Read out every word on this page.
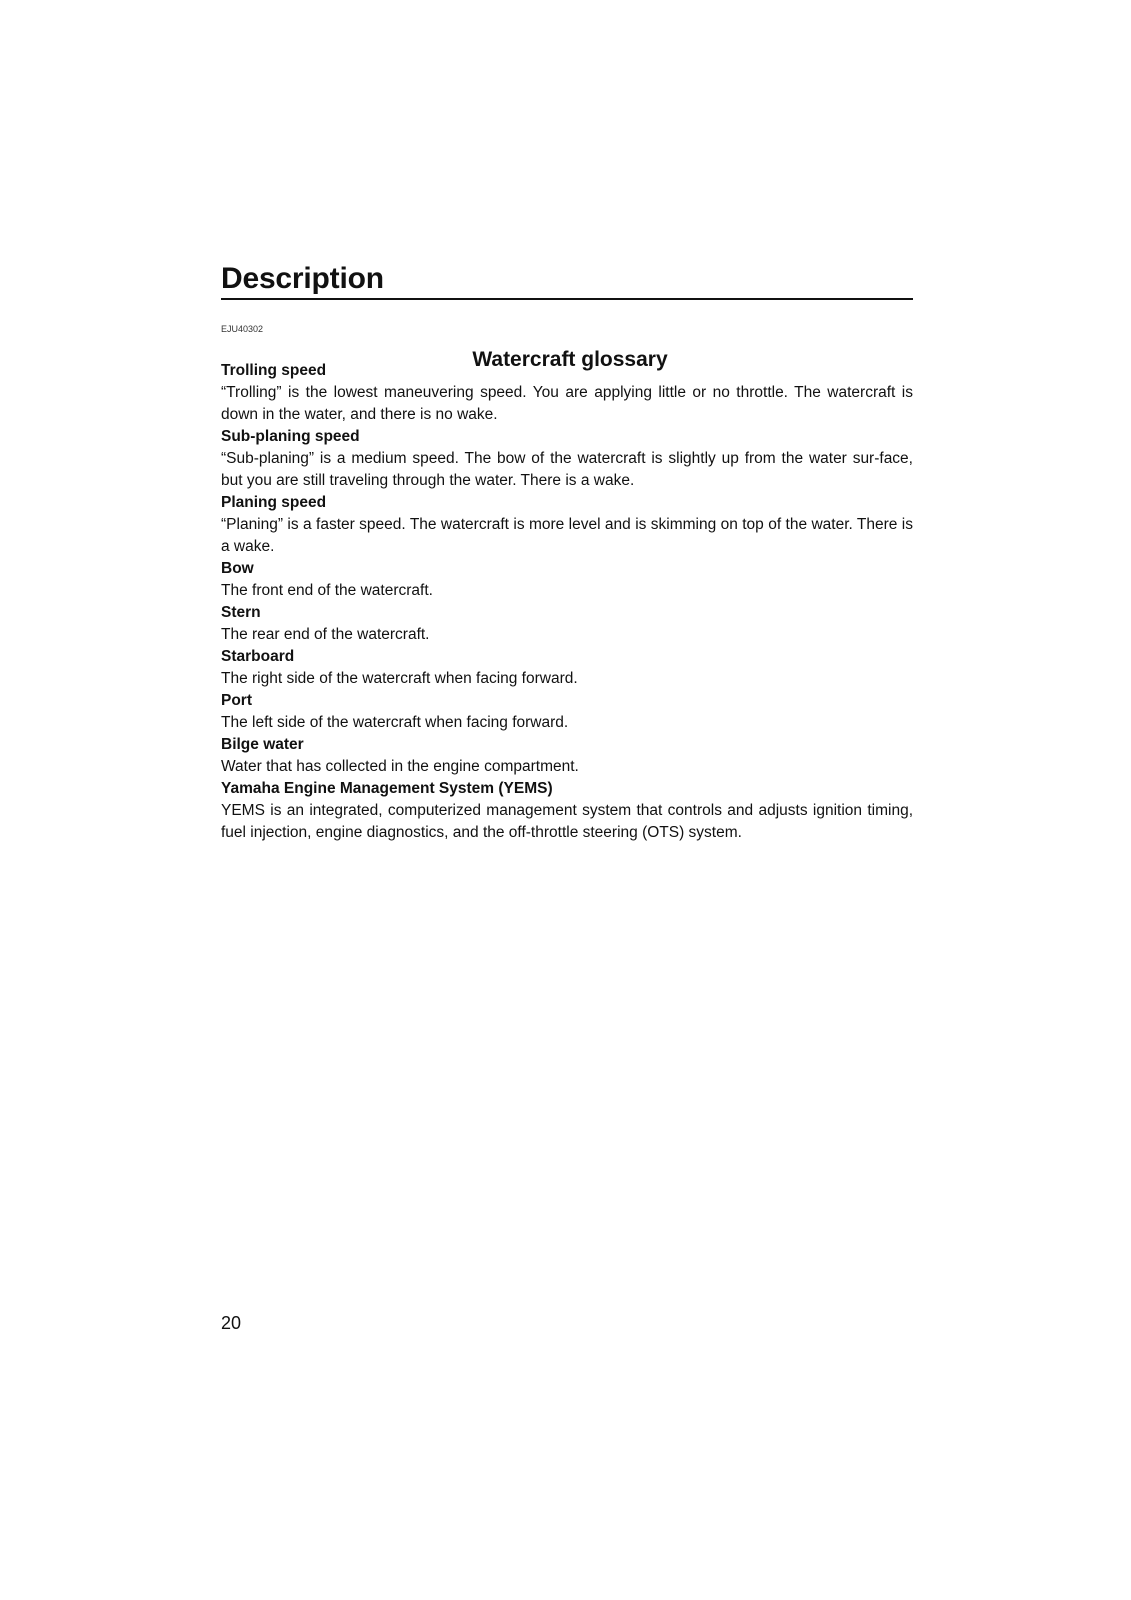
Description
EJU40302
Watercraft glossary

Trolling speed

“Trolling” is the lowest maneuvering speed. You are applying little or no throttle. The watercraft is down in the water, and there is no wake.

Sub-planing speed

“Sub-planing” is a medium speed. The bow of the watercraft is slightly up from the water sur-face, but you are still traveling through the water. There is a wake.

Planing speed

“Planing” is a faster speed. The watercraft is more level and is skimming on top of the water. There is a wake.

Bow

The front end of the watercraft.

Stern

The rear end of the watercraft.

Starboard

The right side of the watercraft when facing forward.

Port

The left side of the watercraft when facing forward.

Bilge water

Water that has collected in the engine compartment.

Yamaha Engine Management System (YEMS)

YEMS is an integrated, computerized management system that controls and adjusts ignition timing, fuel injection, engine diagnostics, and the off-throttle steering (OTS) system.

20
